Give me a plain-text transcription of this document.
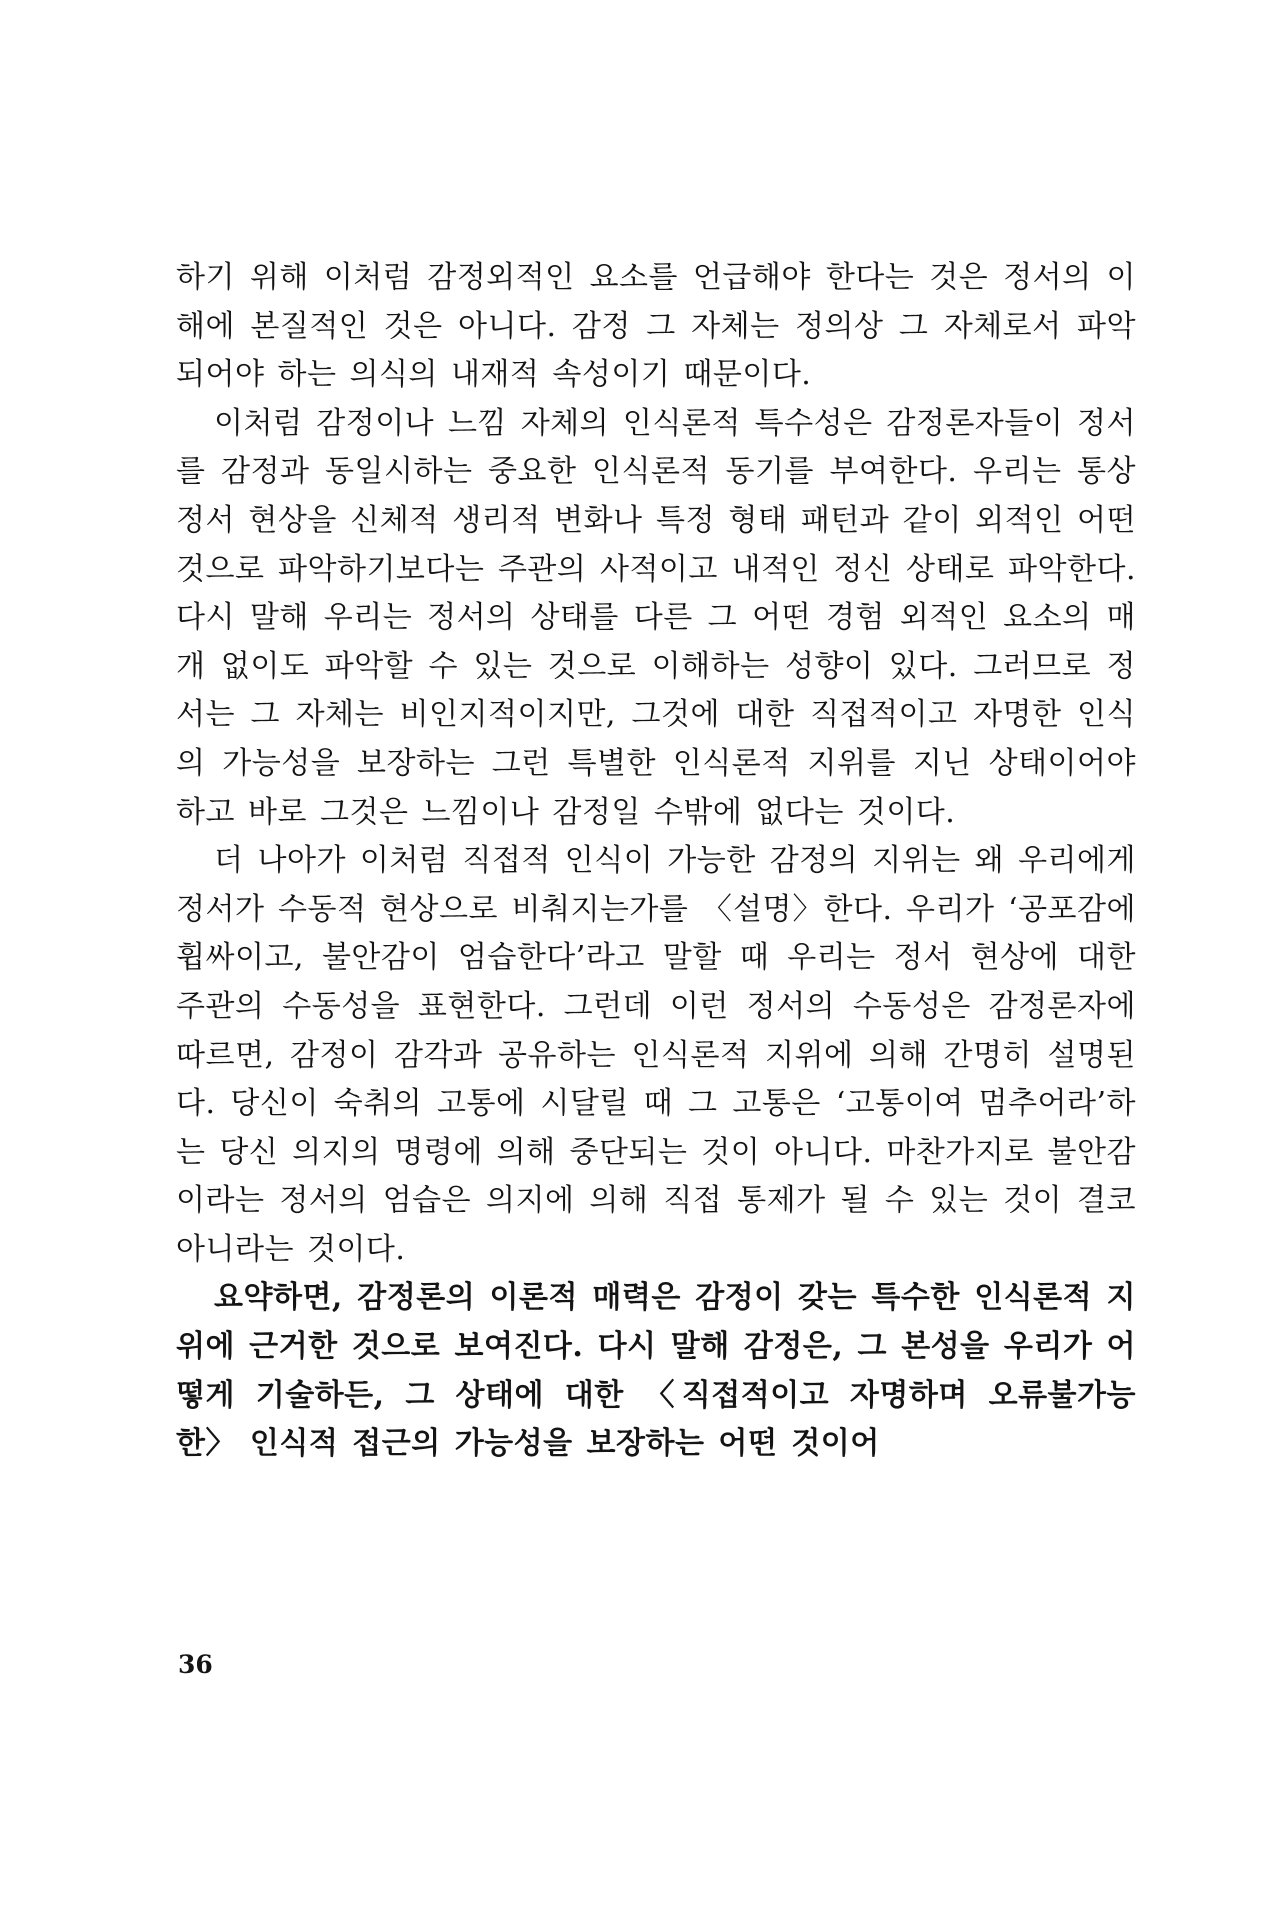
하기 위해 이처럼 감정외적인 요소를 언급해야 한다는 것은 정서의 이해에 본질적인 것은 아니다. 감정 그 자체는 정의상 그 자체로서 파악되어야 하는 의식의 내재적 속성이기 때문이다.

이처럼 감정이나 느낌 자체의 인식론적 특수성은 감정론자들이 정서를 감정과 동일시하는 중요한 인식론적 동기를 부여한다. 우리는 통상 정서 현상을 신체적 생리적 변화나 특정 형태 패턴과 같이 외적인 어떤 것으로 파악하기보다는 주관의 사적이고 내적인 정신 상태로 파악한다. 다시 말해 우리는 정서의 상태를 다른 그 어떤 경험 외적인 요소의 매개 없이도 파악할 수 있는 것으로 이해하는 성향이 있다. 그러므로 정서는 그 자체는 비인지적이지만, 그것에 대한 직접적이고 자명한 인식의 가능성을 보장하는 그런 특별한 인식론적 지위를 지닌 상태이어야 하고 바로 그것은 느낌이나 감정일 수밖에 없다는 것이다.

더 나아가 이처럼 직접적 인식이 가능한 감정의 지위는 왜 우리에게 정서가 수동적 현상으로 비춰지는가를 〈설명〉한다. 우리가 ‘공포감에 휩싸이고, 불안감이 엄습한다’라고 말할 때 우리는 정서 현상에 대한 주관의 수동성을 표현한다. 그런데 이런 정서의 수동성은 감정론자에 따르면, 감정이 감각과 공유하는 인식론적 지위에 의해 간명히 설명된다. 당신이 숙취의 고통에 시달릴 때 그 고통은 ‘고통이여 멈추어라’하는 당신 의지의 명령에 의해 중단되는 것이 아니다. 마찬가지로 불안감이라는 정서의 엄습은 의지에 의해 직접 통제가 될 수 있는 것이 결코 아니라는 것이다.

요약하면, 감정론의 이론적 매력은 감정이 갖는 특수한 인식론적 지위에 근거한 것으로 보여진다. 다시 말해 감정은, 그 본성을 우리가 어떻게 기술하든, 그 상태에 대한 〈직접적이고 자명하며 오류불가능한〉 인식적 접근의 가능성을 보장하는 어떤 것이어

36
